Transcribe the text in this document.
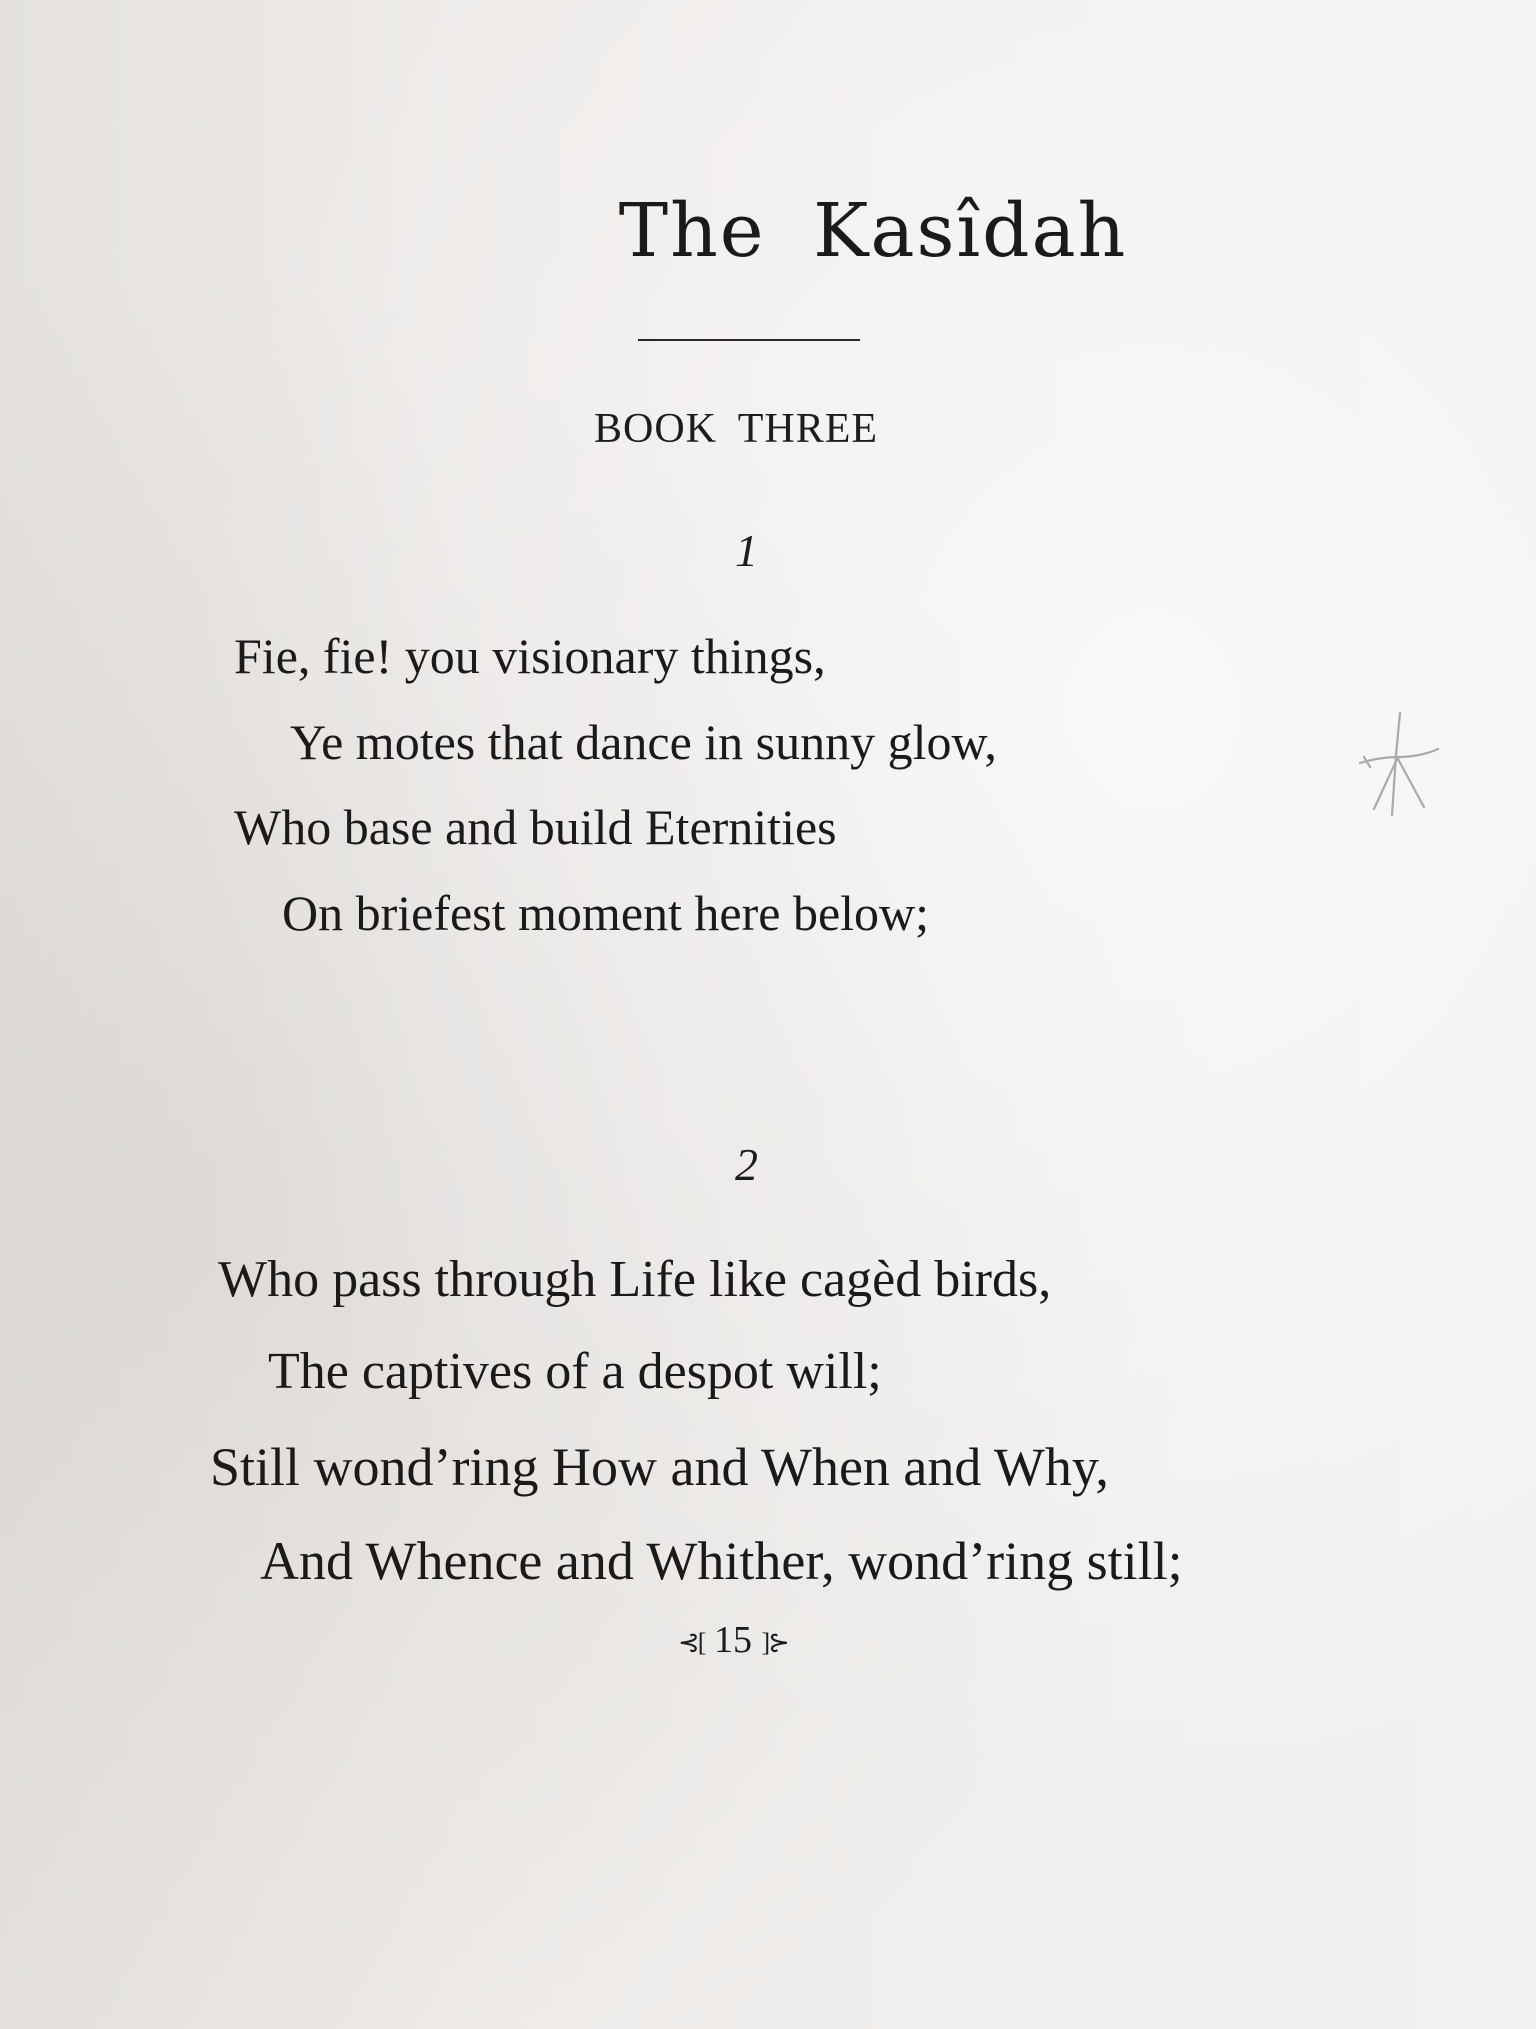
The Kasîdah
BOOK THREE
1
Fie, fie! you visionary things,
Ye motes that dance in sunny glow,
Who base and build Eternities
On briefest moment here below;
2
Who pass through Life like cagèd birds,
The captives of a despot will;
Still wond’ring How and When and Why,
And Whence and Whither, wond’ring still;
⊰[ 15 ]⊱
